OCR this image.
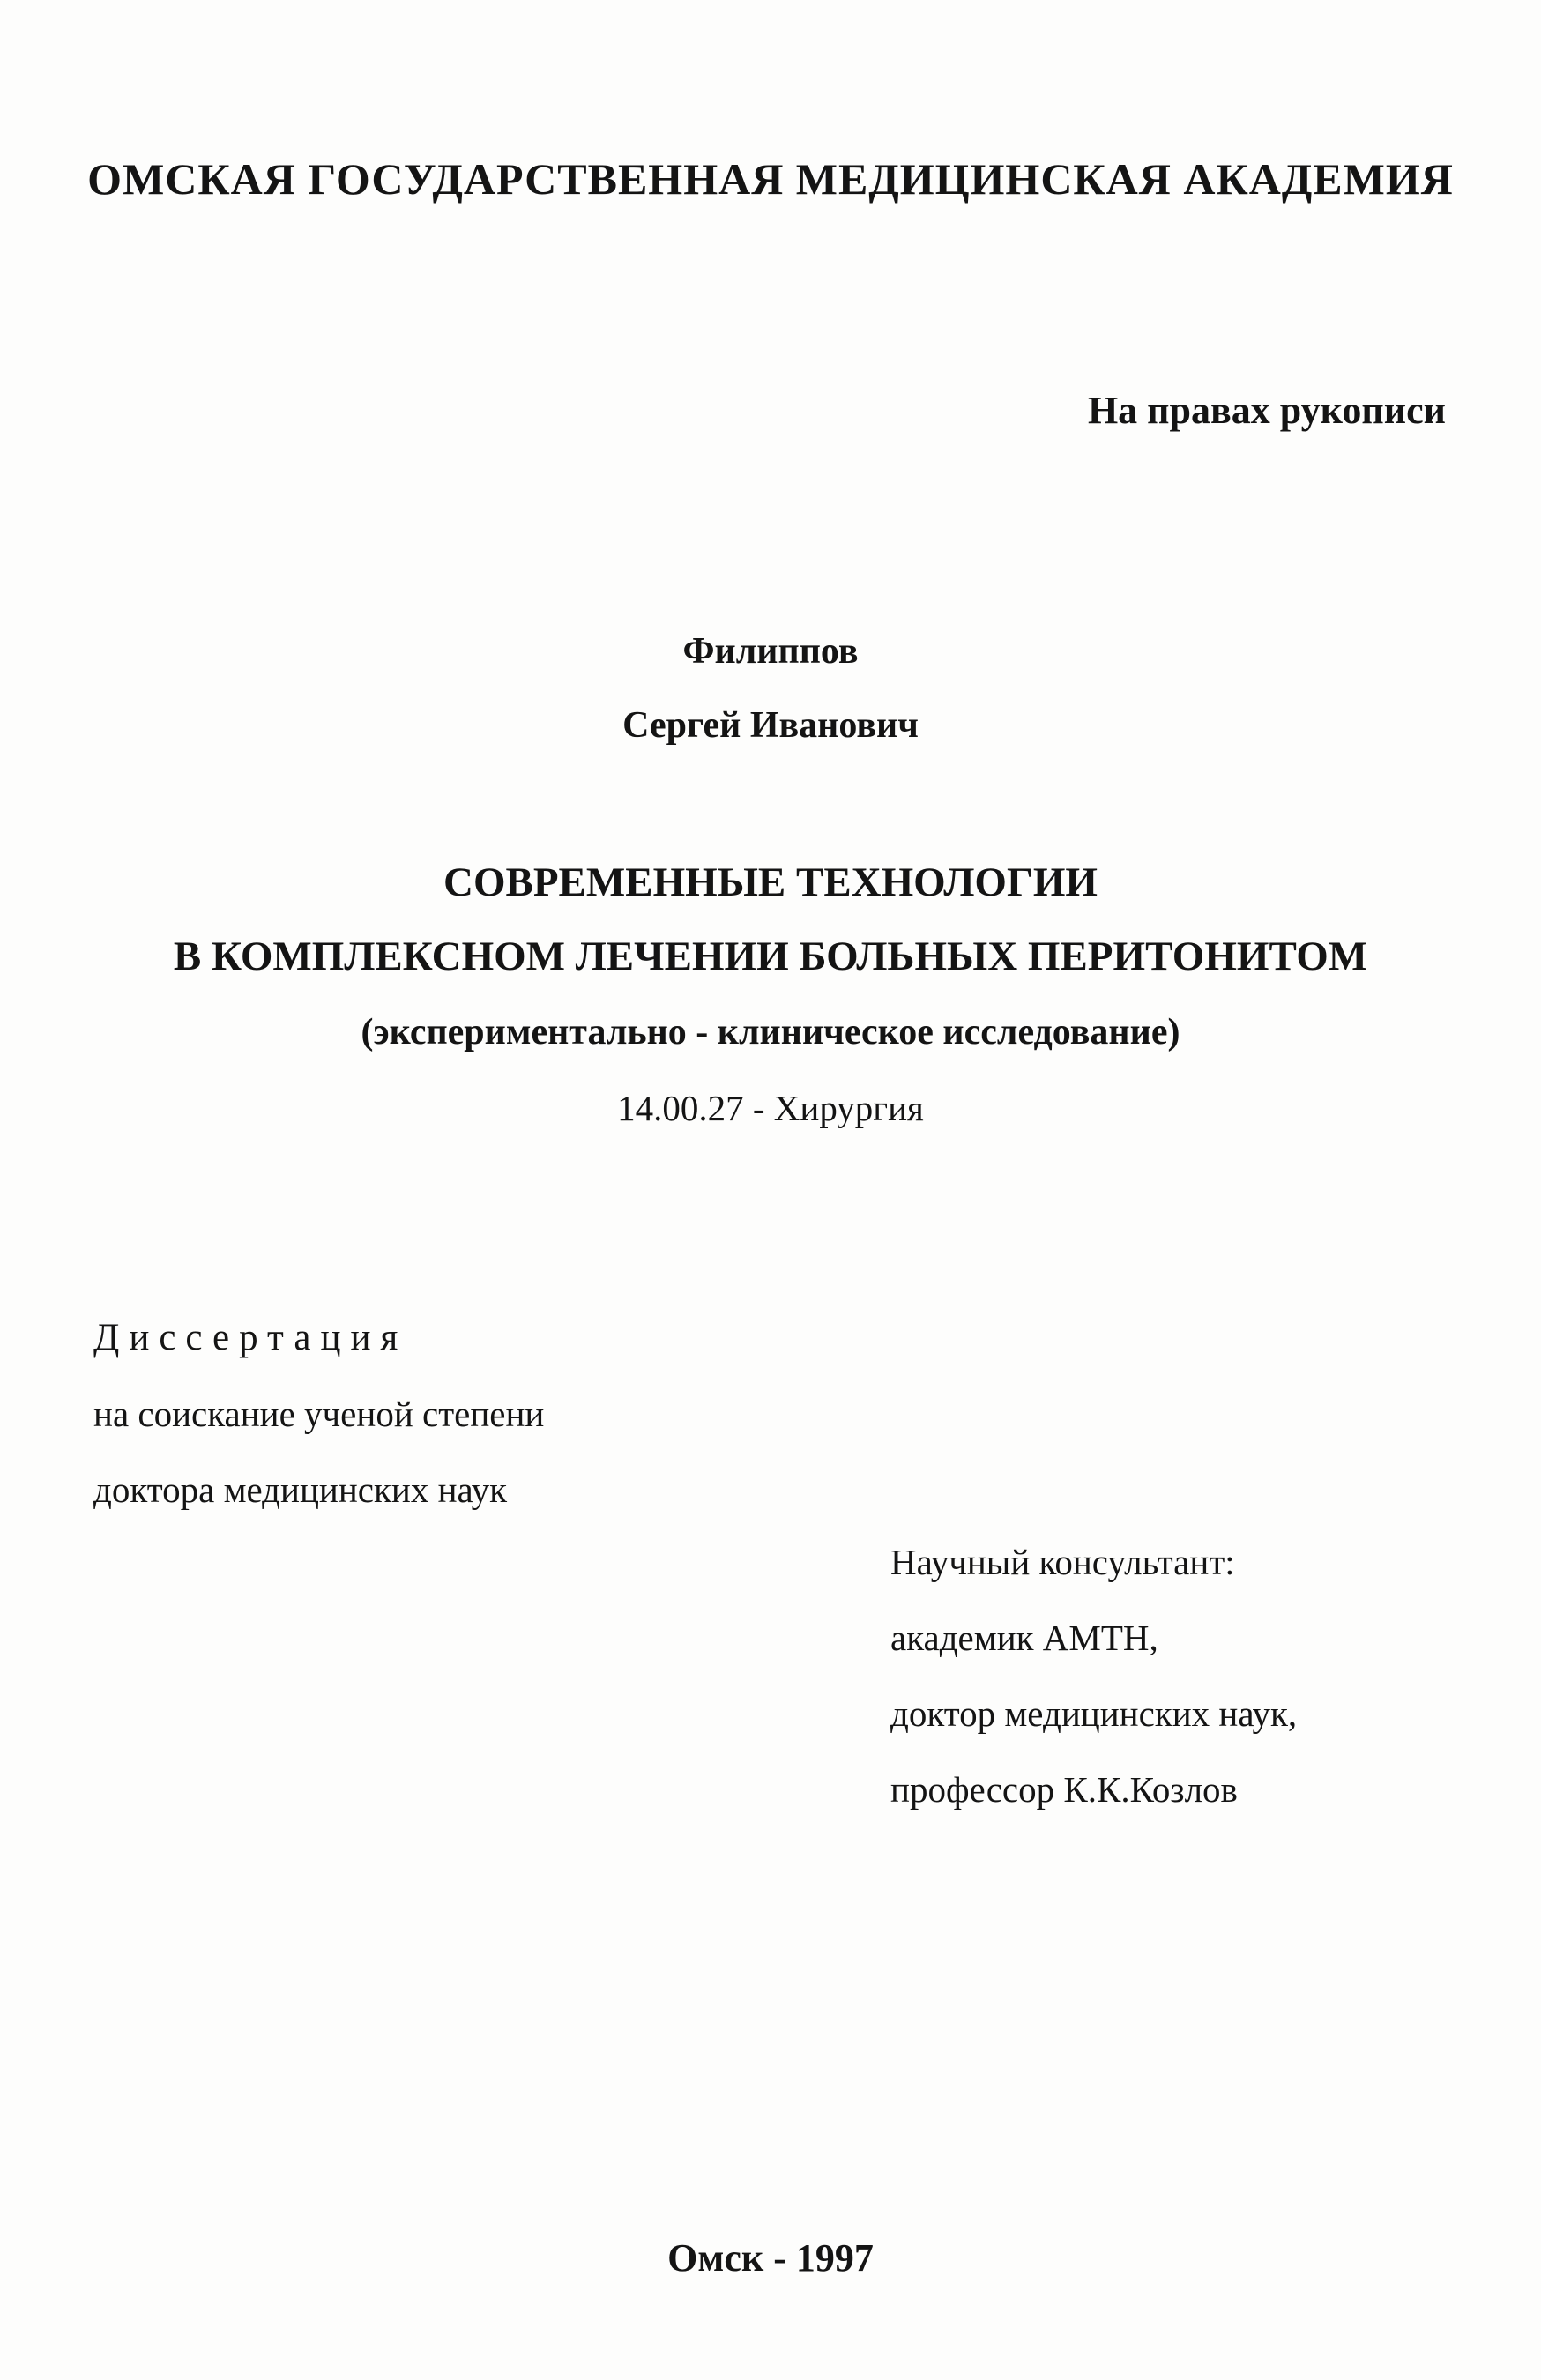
ОМСКАЯ ГОСУДАРСТВЕННАЯ МЕДИЦИНСКАЯ АКАДЕМИЯ
На правах рукописи
Филиппов
Сергей Иванович
СОВРЕМЕННЫЕ ТЕХНОЛОГИИ
В КОМПЛЕКСНОМ ЛЕЧЕНИИ БОЛЬНЫХ ПЕРИТОНИТОМ
(экспериментально - клиническое исследование)
14.00.27 - Хирургия
Диссертация
на соискание ученой степени
доктора медицинских наук
Научный консультант:
академик АМТН,
доктор медицинских наук,
профессор К.К.Козлов
Омск - 1997
